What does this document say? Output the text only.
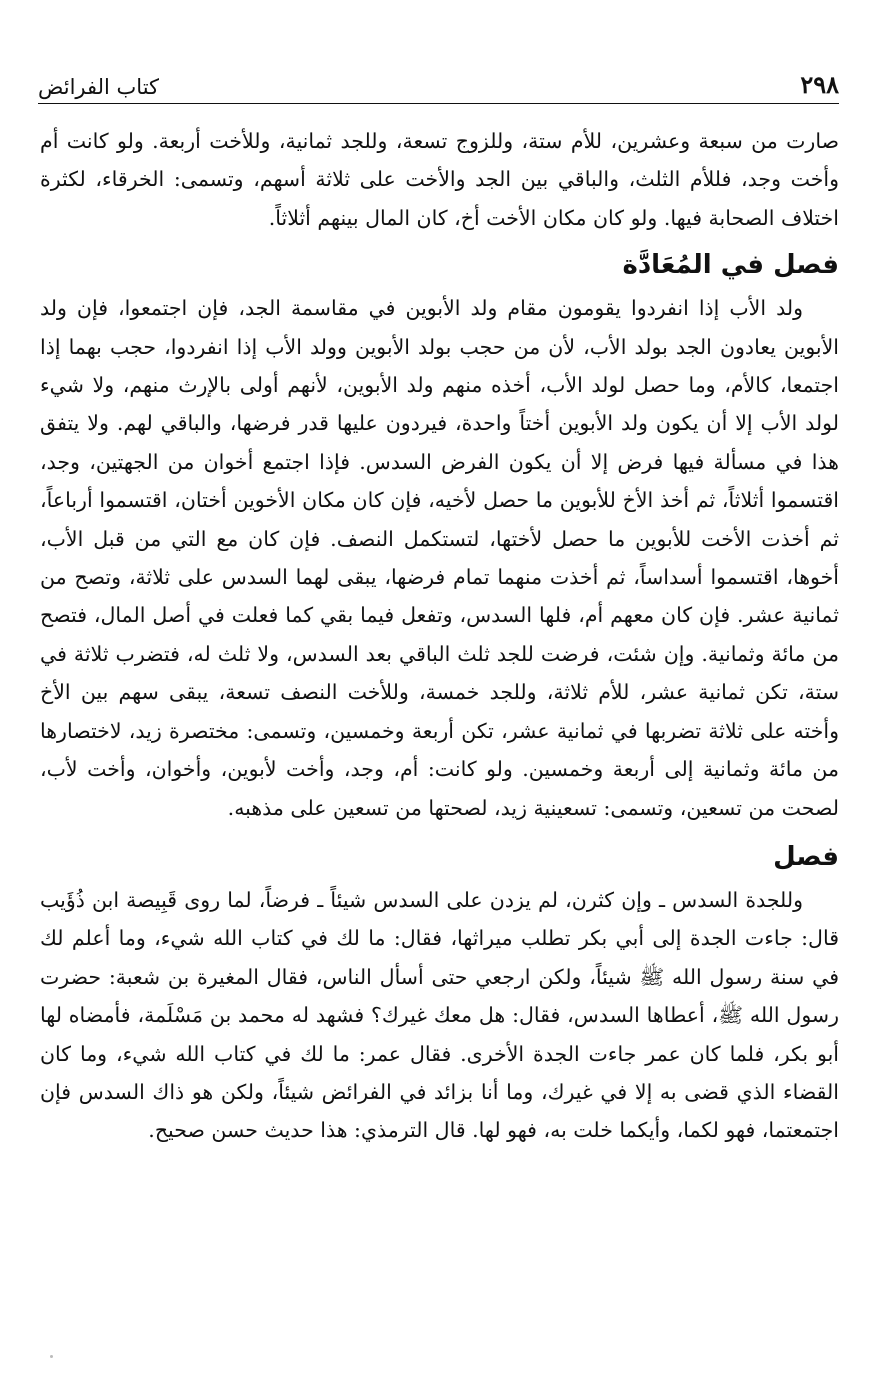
٢٩٨
كتاب الفرائض

صارت من سبعة وعشرين، للأم ستة، وللزوج تسعة، وللجد ثمانية، وللأخت أربعة. ولو كانت أم وأخت وجد، فللأم الثلث، والباقي بين الجد والأخت على ثلاثة أسهم، وتسمى: الخرقاء، لكثرة اختلاف الصحابة فيها. ولو كان مكان الأخت أخ، كان المال بينهم أثلاثاً.

فصل في المُعَادَّة

ولد الأب إذا انفردوا يقومون مقام ولد الأبوين في مقاسمة الجد، فإن اجتمعوا، فإن ولد الأبوين يعادون الجد بولد الأب، لأن من حجب بولد الأبوين وولد الأب إذا انفردوا، حجب بهما إذا اجتمعا، كالأم، وما حصل لولد الأب، أخذه منهم ولد الأبوين، لأنهم أولى بالإرث منهم، ولا شيء لولد الأب إلا أن يكون ولد الأبوين أختاً واحدة، فيردون عليها قدر فرضها، والباقي لهم. ولا يتفق هذا في مسألة فيها فرض إلا أن يكون الفرض السدس. فإذا اجتمع أخوان من الجهتين، وجد، اقتسموا أثلاثاً، ثم أخذ الأخ للأبوين ما حصل لأخيه، فإن كان مكان الأخوين أختان، اقتسموا أرباعاً، ثم أخذت الأخت للأبوين ما حصل لأختها، لتستكمل النصف. فإن كان مع التي من قبل الأب، أخوها، اقتسموا أسداساً، ثم أخذت منهما تمام فرضها، يبقى لهما السدس على ثلاثة، وتصح من ثمانية عشر. فإن كان معهم أم، فلها السدس، وتفعل فيما بقي كما فعلت في أصل المال، فتصح من مائة وثمانية. وإن شئت، فرضت للجد ثلث الباقي بعد السدس، ولا ثلث له، فتضرب ثلاثة في ستة، تكن ثمانية عشر، للأم ثلاثة، وللجد خمسة، وللأخت النصف تسعة، يبقى سهم بين الأخ وأخته على ثلاثة تضربها في ثمانية عشر، تكن أربعة وخمسين، وتسمى: مختصرة زيد، لاختصارها من مائة وثمانية إلى أربعة وخمسين. ولو كانت: أم، وجد، وأخت لأبوين، وأخوان، وأخت لأب، لصحت من تسعين، وتسمى: تسعينية زيد، لصحتها من تسعين على مذهبه.

فصل

وللجدة السدس ـ وإن كثرن، لم يزدن على السدس شيئاً ـ فرضاً، لما روى قَبِيصة ابن ذُؤَيب قال: جاءت الجدة إلى أبي بكر تطلب ميراثها، فقال: ما لك في كتاب الله شيء، وما أعلم لك في سنة رسول الله ﷺ شيئاً، ولكن ارجعي حتى أسأل الناس، فقال المغيرة بن شعبة: حضرت رسول الله ﷺ، أعطاها السدس، فقال: هل معك غيرك؟ فشهد له محمد بن مَسْلَمة، فأمضاه لها أبو بكر، فلما كان عمر جاءت الجدة الأخرى. فقال عمر: ما لك في كتاب الله شيء، وما كان القضاء الذي قضى به إلا في غيرك، وما أنا بزائد في الفرائض شيئاً، ولكن هو ذاك السدس فإن اجتمعتما، فهو لكما، وأيكما خلت به، فهو لها. قال الترمذي: هذا حديث حسن صحيح.
